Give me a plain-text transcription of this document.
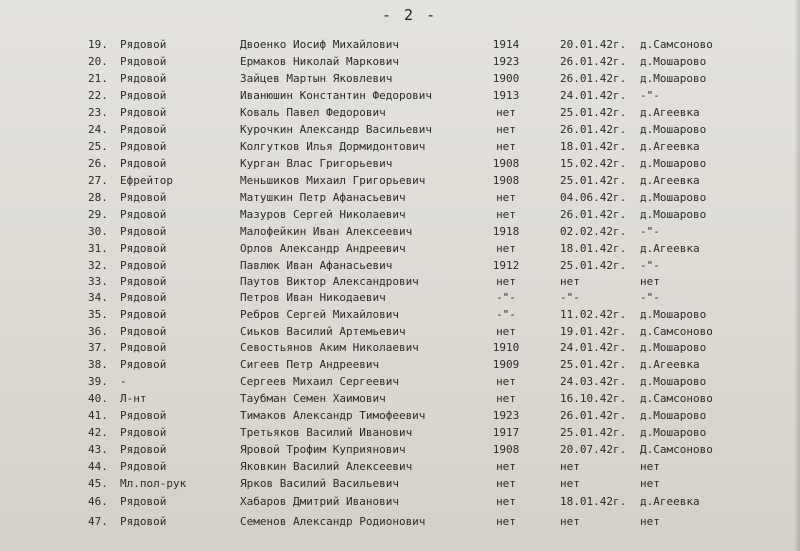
- 2 -
19.	Рядовой	Двоенко Иосиф Михайлович	1914	20.01.42г.	д.Самсоново
20.	Рядовой	Ермаков Николай Маркович	1923	26.01.42г.	д.Мошарово
21.	Рядовой	Зайцев Мартын Яковлевич	1900	26.01.42г.	д.Мошарово
22.	Рядовой	Иванюшин Константин Федорович	1913	24.01.42г.	-"-
23.	Рядовой	Коваль Павел Федорович	нет	25.01.42г.	д.Агеевка
24.	Рядовой	Курочкин Александр Васильевич	нет	26.01.42г.	д.Мошарово
25.	Рядовой	Колгутков Илья Дормидонтович	нет	18.01.42г.	д.Агеевка
26.	Рядовой	Курган Влас Григорьевич	1908	15.02.42г.	д.Мошарово
27.	Ефрейтор	Меньшиков Михаил Григорьевич	1908	25.01.42г.	д.Агеевка
28.	Рядовой	Матушкин Петр Афанасьевич	нет	04.06.42г.	д.Мошарово
29.	Рядовой	Мазуров Сергей Николаевич	нет	26.01.42г.	д.Мошарово
30.	Рядовой	Малофейкин Иван Алексеевич	1918	02.02.42г.	-"-
31.	Рядовой	Орлов Александр Андреевич	нет	18.01.42г.	д.Агеевка
32.	Рядовой	Павлюк Иван Афанасьевич	1912	25.01.42г.	-"-
33.	Рядовой	Паутов Виктор Александрович	нет	нет	нет
34.	Рядовой	Петров Иван Никодаевич	-"-	-"-	-"-
35.	Рядовой	Ребров Сергей Михайлович	-"-	11.02.42г.	д.Мошарово
36.	Рядовой	Сиьков Василий Артемьевич	нет	19.01.42г.	д.Самсоново
37.	Рядовой	Севостьянов Аким Николаевич	1910	24.01.42г.	д.Мошарово
38.	Рядовой	Сигеев Петр Андреевич	1909	25.01.42г.	д.Агеевка
39.	-	Сергеев Михаил Сергеевич	нет	24.03.42г.	д.Мошарово
40.	Л-нт	Таубман Семен Хаимович	нет	16.10.42г.	д.Самсоново
41.	Рядовой	Тимаков Александр Тимофеевич	1923	26.01.42г.	д.Мошарово
42.	Рядовой	Третьяков Василий Иванович	1917	25.01.42г.	д.Мошарово
43.	Рядовой	Яровой Трофим Куприянович	1908	20.07.42г.	Д.Самсоново
44.	Рядовой	Яковкин Василий Алексеевич	нет	нет	нет
45.	Мл.пол-рук	Ярков Василий Васильевич	нет	нет	нет
46.	Рядовой	Хабаров Дмитрий Иванович	нет	18.01.42г.	д.Агеевка
47.	Рядовой	Семенов Александр Родионович	нет	нет	нет
